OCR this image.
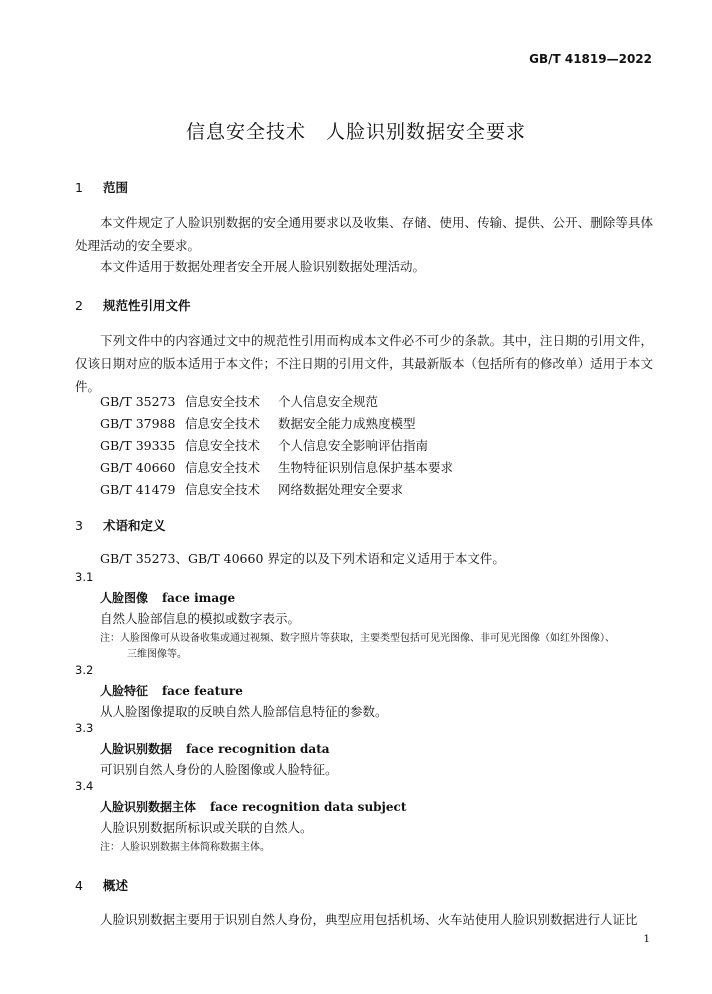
GB/T 41819—2022
信息安全技术　人脸识别数据安全要求
1 范围
本文件规定了人脸识别数据的安全通用要求以及收集、存储、使用、传输、提供、公开、删除等具体处理活动的安全要求。
本文件适用于数据处理者安全开展人脸识别数据处理活动。
2 规范性引用文件
下列文件中的内容通过文中的规范性引用而构成本文件必不可少的条款。其中，注日期的引用文件，仅该日期对应的版本适用于本文件；不注日期的引用文件，其最新版本（包括所有的修改单）适用于本文件。
GB/T 35273 信息安全技术 个人信息安全规范
GB/T 37988 信息安全技术 数据安全能力成熟度模型
GB/T 39335 信息安全技术 个人信息安全影响评估指南
GB/T 40660 信息安全技术 生物特征识别信息保护基本要求
GB/T 41479 信息安全技术 网络数据处理安全要求
3 术语和定义
GB/T 35273、GB/T 40660 界定的以及下列术语和定义适用于本文件。
3.1
人脸图像 face image
自然人脸部信息的模拟或数字表示。
注：人脸图像可从设备收集或通过视频、数字照片等获取，主要类型包括可见光图像、非可见光图像（如红外图像）、
三维图像等。
3.2
人脸特征 face feature
从人脸图像提取的反映自然人脸部信息特征的参数。
3.3
人脸识别数据 face recognition data
可识别自然人身份的人脸图像或人脸特征。
3.4
人脸识别数据主体 face recognition data subject
人脸识别数据所标识或关联的自然人。
注：人脸识别数据主体简称数据主体。
4 概述
人脸识别数据主要用于识别自然人身份，典型应用包括机场、火车站使用人脸识别数据进行人证比
1
